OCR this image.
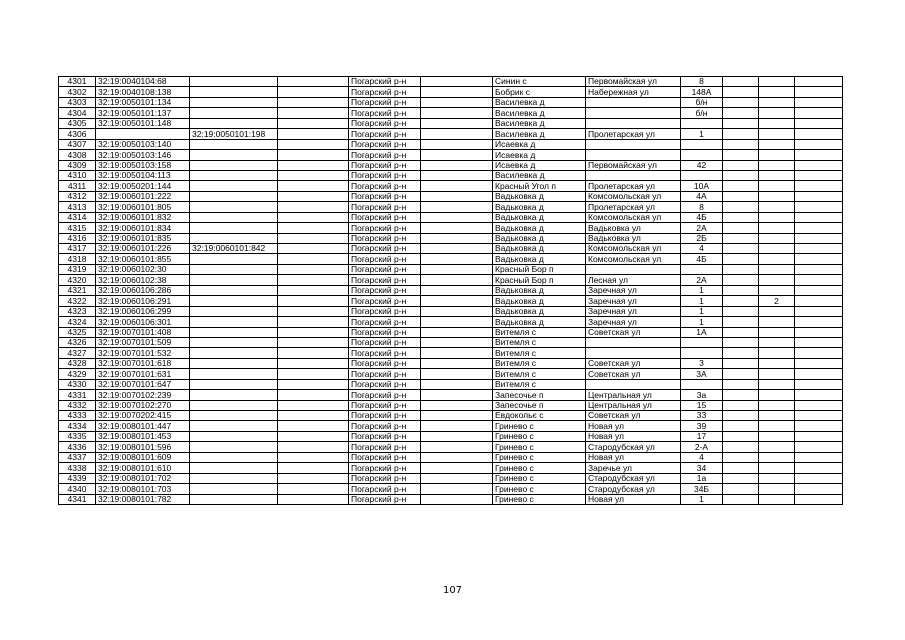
4301	32:19:0040104:68			Погарский р-н		Синин с	Первомайская ул	8			
4302	32:19:0040108:138			Погарский р-н		Бобрик с	Набережная ул	148А			
4303	32:19:0050101:134			Погарский р-н		Василевка д		б/н			
4304	32:19:0050101:137			Погарский р-н		Василевка д		б/н			
4305	32:19:0050101:148			Погарский р-н		Василевка д					
4306		32:19:0050101:198		Погарский р-н		Василевка д	Пролетарская ул	1			
4307	32:19:0050103:140			Погарский р-н		Исаевка д					
4308	32:19:0050103:146			Погарский р-н		Исаевка д					
4309	32:19:0050103:158			Погарский р-н		Исаевка д	Первомайская ул	42			
4310	32:19:0050104:113			Погарский р-н		Василевка д					
4311	32:19:0050201:144			Погарский р-н		Красный Угол п	Пролетарская ул	10А			
4312	32:19:0060101:222			Погарский р-н		Вадьковка д	Комсомольская ул	4А			
4313	32:19:0060101:805			Погарский р-н		Вадьковка д	Пролетарская ул	8			
4314	32:19:0060101:832			Погарский р-н		Вадьковка д	Комсомольская ул	4Б			
4315	32:19:0060101:834			Погарский р-н		Вадьковка д	Вадьковка ул	2А			
4316	32:19:0060101:835			Погарский р-н		Вадьковка д	Вадьковка ул	2Б			
4317	32:19:0060101:226	32:19:0060101:842		Погарский р-н		Вадьковка д	Комсомольская ул	4			
4318	32:19:0060101:855			Погарский р-н		Вадьковка д	Комсомольская ул	4Б			
4319	32:19:0060102:30			Погарский р-н		Красный Бор п					
4320	32:19:0060102:38			Погарский р-н		Красный Бор п	Лесная ул	2А			
4321	32:19:0060106:286			Погарский р-н		Вадьковка д	Заречная ул	1			
4322	32:19:0060106:291			Погарский р-н		Вадьковка д	Заречная ул	1		2	
4323	32:19:0060106:299			Погарский р-н		Вадьковка д	Заречная ул	1			
4324	32:19:0060106:301			Погарский р-н		Вадьковка д	Заречная ул	1			
4325	32:19:0070101:408			Погарский р-н		Витемля с	Советская ул	1А			
4326	32:19:0070101:509			Погарский р-н		Витемля с					
4327	32:19:0070101:532			Погарский р-н		Витемля с					
4328	32:19:0070101:618			Погарский р-н		Витемля с	Советская ул	3			
4329	32:19:0070101:631			Погарский р-н		Витемля с	Советская ул	3А			
4330	32:19:0070101:647			Погарский р-н		Витемля с					
4331	32:19:0070102:239			Погарский р-н		Запесочье п	Центральная ул	3а			
4332	32:19:0070102:270			Погарский р-н		Запесочье п	Центральная ул	15			
4333	32:19:0070202:415			Погарский р-н		Евдокольє с	Советская ул	33			
4334	32:19:0080101:447			Погарский р-н		Гринево с	Новая ул	39			
4335	32:19:0080101:453			Погарский р-н		Гринево с	Новая ул	17			
4336	32:19:0080101:596			Погарский р-н		Гринево с	Стародубская ул	2-А			
4337	32:19:0080101:609			Погарский р-н		Гринево с	Новая ул	4			
4338	32:19:0080101:610			Погарский р-н		Гринево с	Заречье ул	34			
4339	32:19:0080101:702			Погарский р-н		Гринево с	Стародубская ул	1а			
4340	32:19:0080101:703			Погарский р-н		Гринево с	Стародубская ул	34Б			
4341	32:19:0080101:782			Погарский р-н		Гринево с	Новая ул	1			
107
